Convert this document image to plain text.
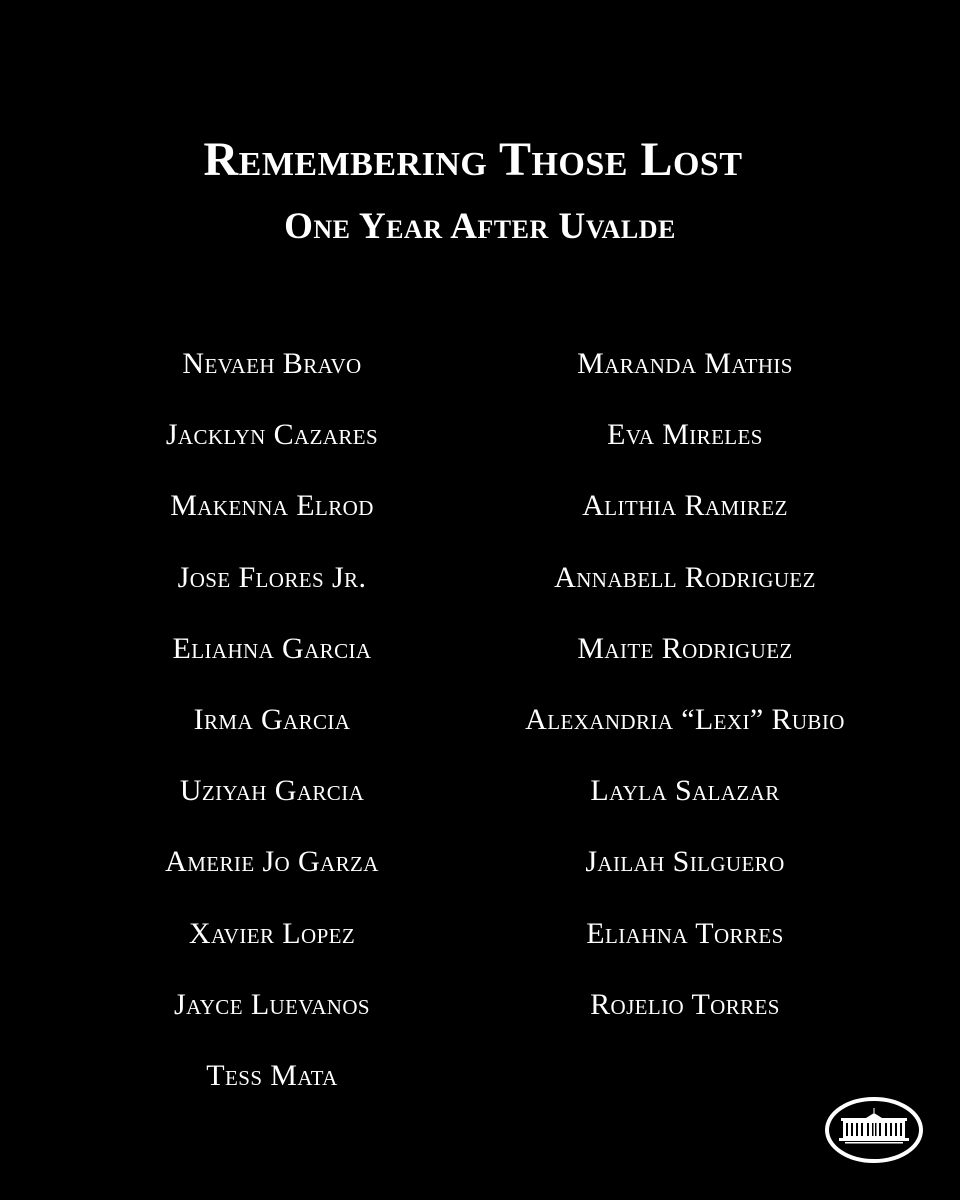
Remembering Those Lost
One Year After Uvalde
Nevaeh Bravo
Jacklyn Cazares
Makenna Elrod
Jose Flores Jr.
Eliahna Garcia
Irma Garcia
Uziyah Garcia
Amerie Jo Garza
Xavier Lopez
Jayce Luevanos
Tess Mata
Maranda Mathis
Eva Mireles
Alithia Ramirez
Annabell Rodriguez
Maite Rodriguez
Alexandria “Lexi” Rubio
Layla Salazar
Jailah Silguero
Eliahna Torres
Rojelio Torres
